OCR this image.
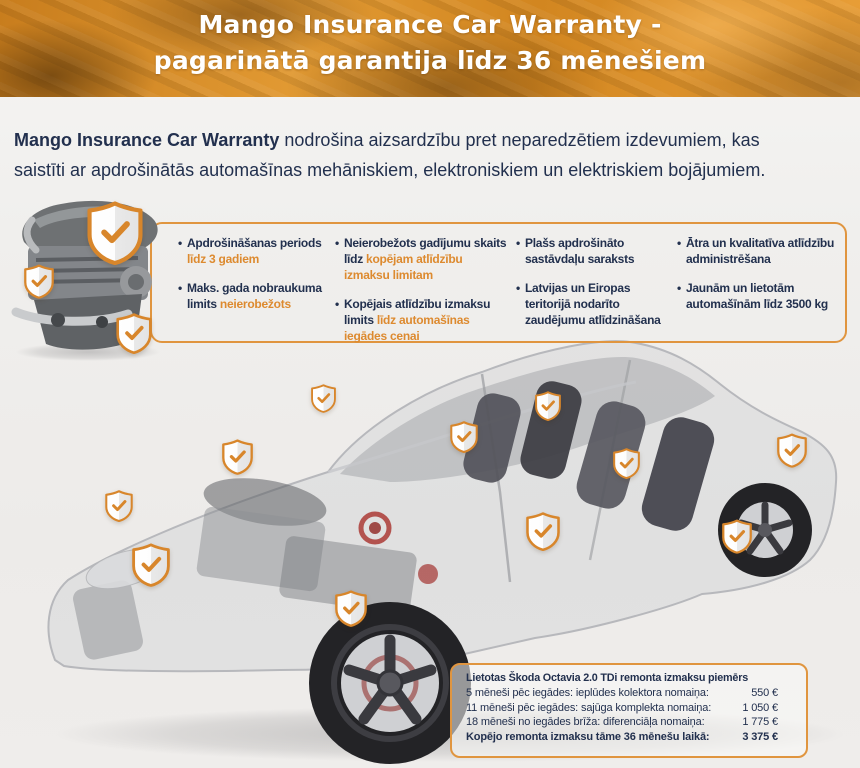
Mango Insurance Car Warranty -
pagarinātā garantija līdz 36 mēnešiem
Mango Insurance Car Warranty nodrošina aizsardzību pret neparedzētiem izdevumiem, kas
saistīti ar apdrošinātās automašīnas mehāniskiem, elektroniskiem un elektriskiem bojājumiem.
• Apdrošināšanas periods līdz 3 gadiem
• Maks. gada nobraukuma limits neierobežots
• Neierobežots gadījumu skaits līdz kopējam atlīdzību izmaksu limitam
• Kopējais atlīdzību izmaksu limits līdz automašīnas iegādes cenai
• Plašs apdrošināto sastāvdaļu saraksts
• Latvijas un Eiropas teritorijā nodarīto zaudējumu atlīdzināšana
• Ātra un kvalitatīva atlīdzību administrēšana
• Jaunām un lietotām automašīnām līdz 3500 kg
Lietotas Škoda Octavia 2.0 TDi remonta izmaksu piemērs
5 mēneši pēc iegādes: ieplūdes kolektora nomaiņa:	550 €
11 mēneši pēc iegādes: sajūga komplekta nomaiņa:	1 050 €
18 mēneši no iegādes brīža: diferenciāļa nomaiņa:	1 775 €
Kopējo remonta izmaksu tāme 36 mēnešu laikā:	3 375 €
